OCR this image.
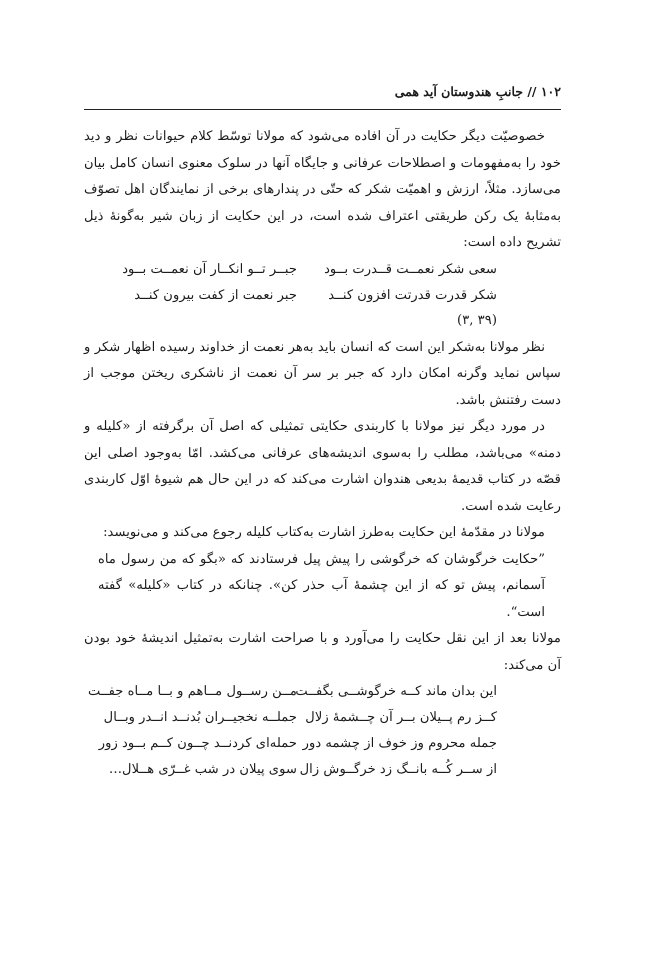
۱۰۲ // جانبِ هندوستان آید همی

خصوصیّت دیگر حکایت در آن افاده می‌شود که مولانا توسّط کلام حیوانات نظر و دید خود را به‌مفهومات و اصطلاحات عرفانی و جایگاه آنها در سلوک معنوی انسان کامل بیان می‌سازد. مثلاً، ارزش و اهمیّت شکر که حتّی در پندارهای برخی از نمایندگان اهل تصوّف به‌مثابهٔ یک رکن طریقتی اعتراف شده است، در این حکایت از زبان شیر به‌گونهٔ ذیل تشریح داده است:

سعی شکر نعمــت قــدرت بــود
جبــر تــو انکــار آن نعمــت بــود
شکر قدرت قدرتت افزون کنــد
جبر نعمت از کفت بیرون کنــد
(۳۹ ,۳)

نظر مولانا به‌شکر این است که انسان باید به‌هر نعمت از خداوند رسیده اظهار شکر و سپاس نماید وگرنه امکان دارد که جبر بر سر آن نعمت از ناشکری ریختن موجب از دست رفتنش باشد.

در مورد دیگر نیز مولانا با کاربندی حکایتی تمثیلی که اصل آن برگرفته از «کلیله و دمنه» می‌باشد، مطلب را به‌سوی اندیشه‌های عرفانی می‌کشد. امّا به‌وجود اصلی این قصّه در کتاب قدیمهٔ بدیعی هندوان اشارت می‌کند که در این حال هم شیوهٔ اوّل کاربندی رعایت شده است.

مولانا در مقدّمهٔ این حکایت به‌طرز اشارت به‌کتاب کلیله رجوع می‌کند و می‌نویسد:

”حکایت خرگوشان که خرگوشی را پیش پیل فرستادند که «بگو که من رسول ماه آسمانم، پیش تو که از این چشمهٔ آب حذر کن». چنانکه در کتاب «کلیله» گفته است“.

مولانا بعد از این نقل حکایت را می‌آورد و با صراحت اشارت به‌تمثیل اندیشهٔ خود بودن آن می‌کند:

این بدان ماند کــه خرگوشــی بگفــت
مــن رســول مــاهم و بــا مــاه جفــت
کــز رم پــیلان بــر آن چــشمهٔ زلال
جملــه نخجیــران بُدنــد انــدر وبــال
جمله محروم وز خوف از چشمه دور
حمله‌ای کردنــد چــون کــم بــود زور
از ســر کُــه بانــگ زد خرگــوش زال
سوی پیلان در شب غــرّی هــلال…
